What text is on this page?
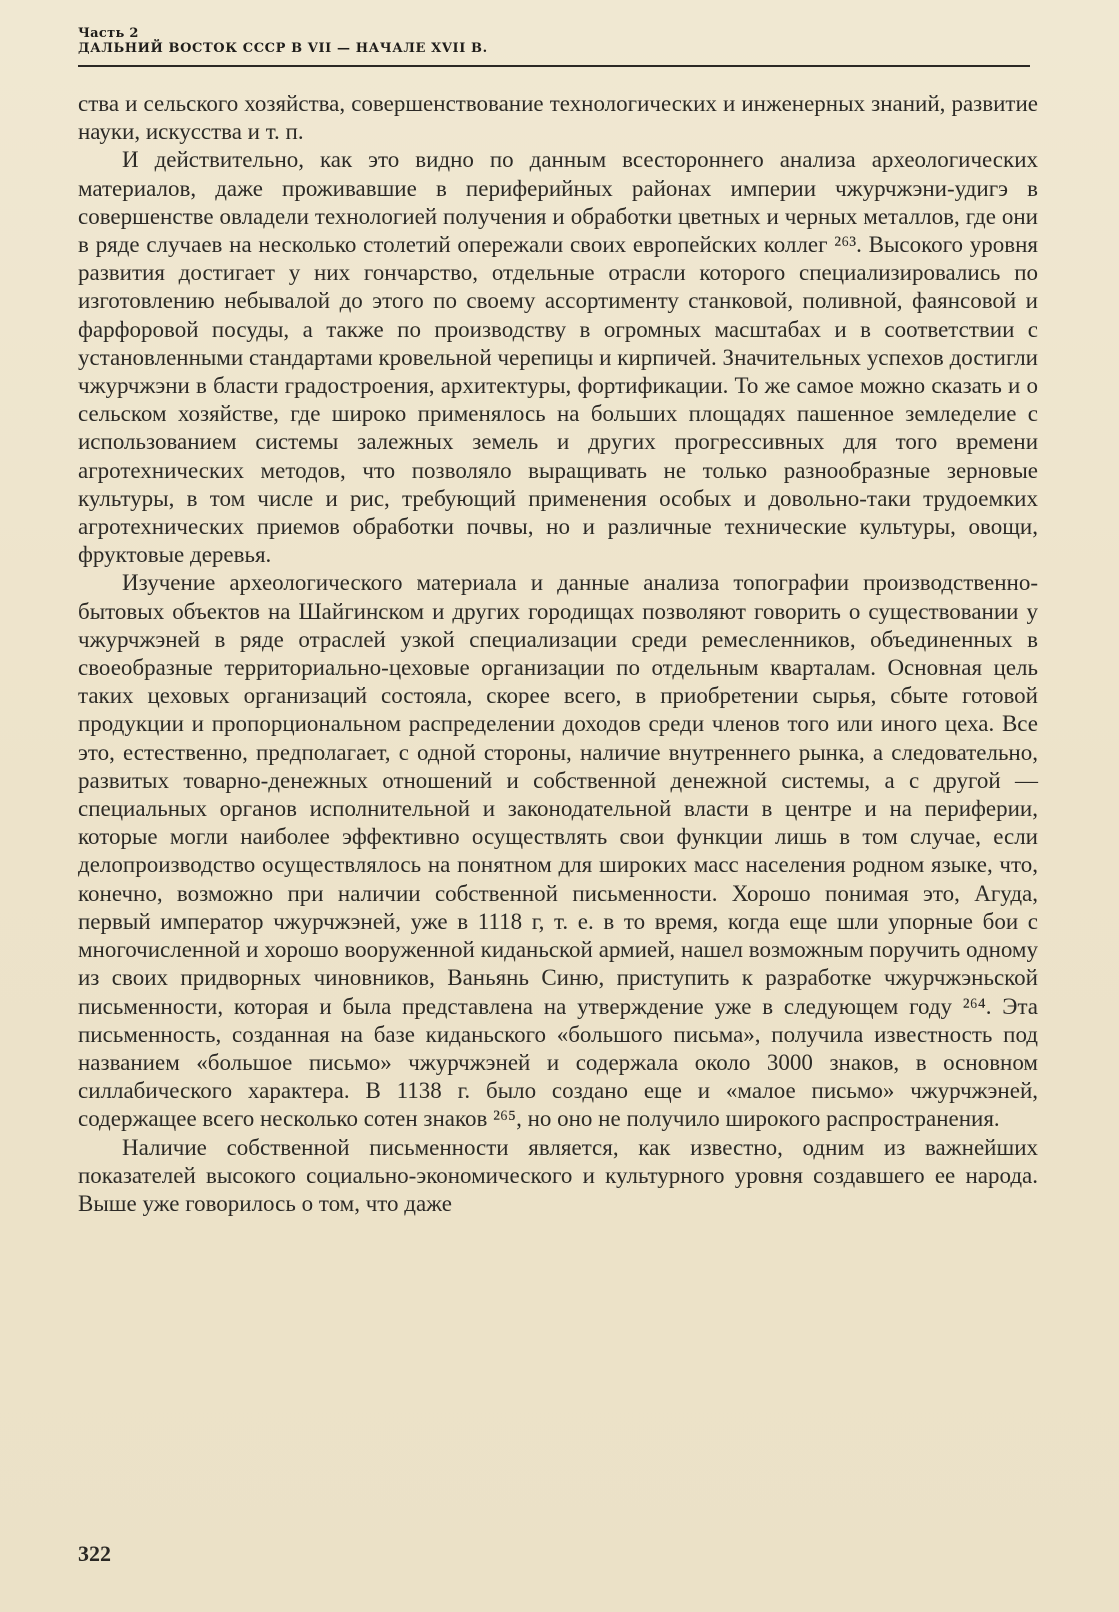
Часть 2
ДАЛЬНИЙ ВОСТОК СССР В VII — НАЧАЛЕ XVII В.

ства и сельского хозяйства, совершенствование технологических и инженерных знаний, развитие науки, искусства и т. п.

И действительно, как это видно по данным всестороннего анализа археологических материалов, даже проживавшие в периферийных районах империи чжурчжэни-удигэ в совершенстве овладели технологией получения и обработки цветных и черных металлов, где они в ряде случаев на несколько столетий опережали своих европейских коллег ²⁶³. Высокого уровня развития достигает у них гончарство, отдельные отрасли которого специализировались по изготовлению небывалой до этого по своему ассортименту станковой, поливной, фаянсовой и фарфоровой посуды, а также по производству в огромных масштабах и в соответствии с установленными стандартами кровельной черепицы и кирпичей. Значительных успехов достигли чжурчжэни в бласти градостроения, архитектуры, фортификации. То же самое можно сказать и о сельском хозяйстве, где широко применялось на больших площадях пашенное земледелие с использованием системы залежных земель и других прогрессивных для того времени агротехнических методов, что позволяло выращивать не только разнообразные зерновые культуры, в том числе и рис, требующий применения особых и довольно-таки трудоемких агротехнических приемов обработки почвы, но и различные технические культуры, овощи, фруктовые деревья.

Изучение археологического материала и данные анализа топографии производственно-бытовых объектов на Шайгинском и других городищах позволяют говорить о существовании у чжурчжэней в ряде отраслей узкой специализации среди ремесленников, объединенных в своеобразные территориально-цеховые организации по отдельным кварталам. Основная цель таких цеховых организаций состояла, скорее всего, в приобретении сырья, сбыте готовой продукции и пропорциональном распределении доходов среди членов того или иного цеха. Все это, естественно, предполагает, с одной стороны, наличие внутреннего рынка, а следовательно, развитых товарно-денежных отношений и собственной денежной системы, а с другой — специальных органов исполнительной и законодательной власти в центре и на периферии, которые могли наиболее эффективно осуществлять свои функции лишь в том случае, если делопроизводство осуществлялось на понятном для широких масс населения родном языке, что, конечно, возможно при наличии собственной письменности. Хорошо понимая это, Агуда, первый император чжурчжэней, уже в 1118 г, т. е. в то время, когда еще шли упорные бои с многочисленной и хорошо вооруженной киданьской армией, нашел возможным поручить одному из своих придворных чиновников, Ваньянь Синю, приступить к разработке чжурчжэньской письменности, которая и была представлена на утверждение уже в следующем году ²⁶⁴. Эта письменность, созданная на базе киданьского «большого письма», получила известность под названием «большое письмо» чжурчжэней и содержала около 3000 знаков, в основном силлабического характера. В 1138 г. было создано еще и «малое письмо» чжурчжэней, содержащее всего несколько сотен знаков ²⁶⁵, но оно не получило широкого распространения.

Наличие собственной письменности является, как известно, одним из важнейших показателей высокого социально-экономического и культурного уровня создавшего ее народа. Выше уже говорилось о том, что даже

322
